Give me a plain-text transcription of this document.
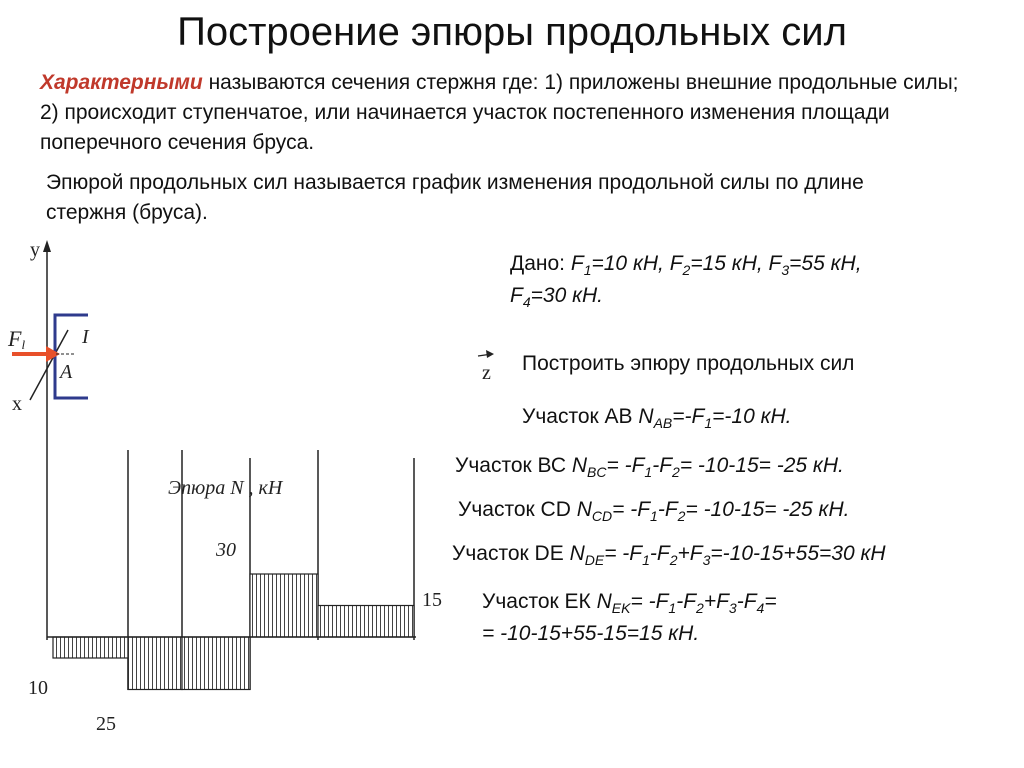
Построение эпюры продольных сил
Характерными называются сечения стержня где: 1) приложены внешние продольные силы; 2) происходит ступенчатое, или начинается участок постепенного изменения площади поперечного сечения бруса.
Эпюрой продольных сил называется график изменения продольной силы по длине стержня (бруса).
Дано: $F_1=10$ кН, $F_2=15$ кН, $F_3=55$ кН,
$F_4=30$ кН.
Построить эпюру продольных сил
Участок АВ $N_{AB}=-F_1=-10$ кН.
Участок ВС $N_{BC}= -F_1-F_2= -10-15= -25$ кН.
Участок CD $N_{CD}= -F_1-F_2= -10-15= -25$ кН.
Участок DE $N_{DE}= -F_1-F_2+F_3=-10-15+55=30$ кН
Участок ЕК $N_{EK}= -F_1-F_2+F_3-F_4=$
= -10-15+55-15=15 кН.
y
x
z
A
I
Fl
Эпюра N , кН
10
25
30
15
